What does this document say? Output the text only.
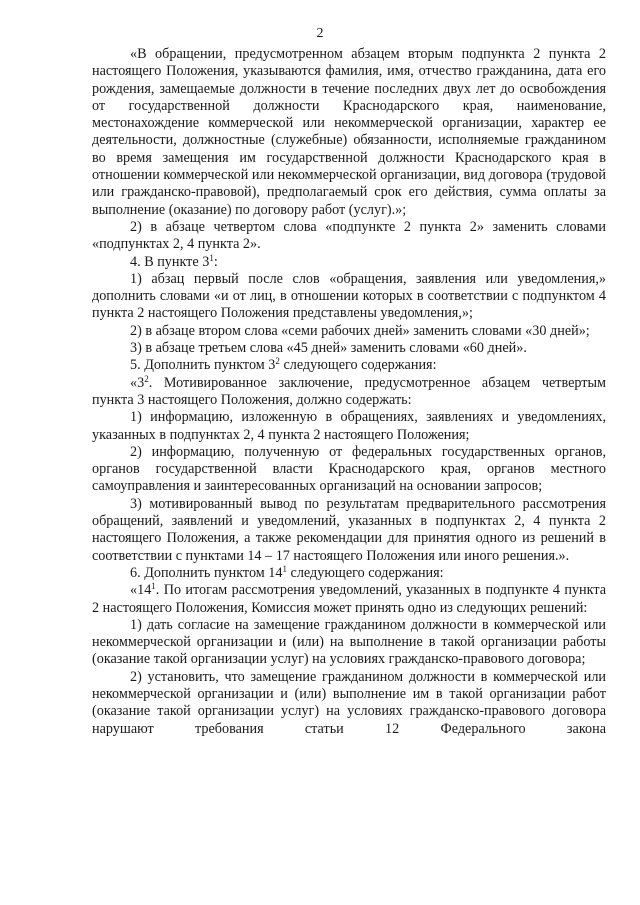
2

«В обращении, предусмотренном абзацем вторым подпункта 2 пункта 2 настоящего Положения, указываются фамилия, имя, отчество гражданина, дата его рождения, замещаемые должности в течение последних двух лет до освобождения от государственной должности Краснодарского края, наименование, местонахождение коммерческой или некоммерческой организации, характер ее деятельности, должностные (служебные) обязанности, исполняемые гражданином во время замещения им государственной должности Краснодарского края в отношении коммерческой или некоммерческой организации, вид договора (трудовой или гражданско-правовой), предполагаемый срок его действия, сумма оплаты за выполнение (оказание) по договору работ (услуг).»;

2) в абзаце четвертом слова «подпункте 2 пункта 2» заменить словами «подпунктах 2, 4 пункта 2».

4. В пункте $3^1$:

1) абзац первый после слов «обращения, заявления или уведомления,» дополнить словами «и от лиц, в отношении которых в соответствии с подпунктом 4 пункта 2 настоящего Положения представлены уведомления,»;

2) в абзаце втором слова «семи рабочих дней» заменить словами «30 дней»;

3) в абзаце третьем слова «45 дней» заменить словами «60 дней».

5. Дополнить пунктом $3^2$ следующего содержания:

«$3^2$. Мотивированное заключение, предусмотренное абзацем четвертым пункта 3 настоящего Положения, должно содержать:

1) информацию, изложенную в обращениях, заявлениях и уведомлениях, указанных в подпунктах 2, 4 пункта 2 настоящего Положения;

2) информацию, полученную от федеральных государственных органов, органов государственной власти Краснодарского края, органов местного самоуправления и заинтересованных организаций на основании запросов;

3) мотивированный вывод по результатам предварительного рассмотрения обращений, заявлений и уведомлений, указанных в подпунктах 2, 4 пункта 2 настоящего Положения, а также рекомендации для принятия одного из решений в соответствии с пунктами 14 – 17 настоящего Положения или иного решения.».

6. Дополнить пунктом $14^1$ следующего содержания:

«$14^1$. По итогам рассмотрения уведомлений, указанных в подпункте 4 пункта 2 настоящего Положения, Комиссия может принять одно из следующих решений:

1) дать согласие на замещение гражданином должности в коммерческой или некоммерческой организации и (или) на выполнение в такой организации работы (оказание такой организации услуг) на условиях гражданско-правового договора;

2) установить, что замещение гражданином должности в коммерческой или некоммерческой организации и (или) выполнение им в такой организации работ (оказание такой организации услуг) на условиях гражданско-правового договора нарушают требования статьи 12 Федерального закона
